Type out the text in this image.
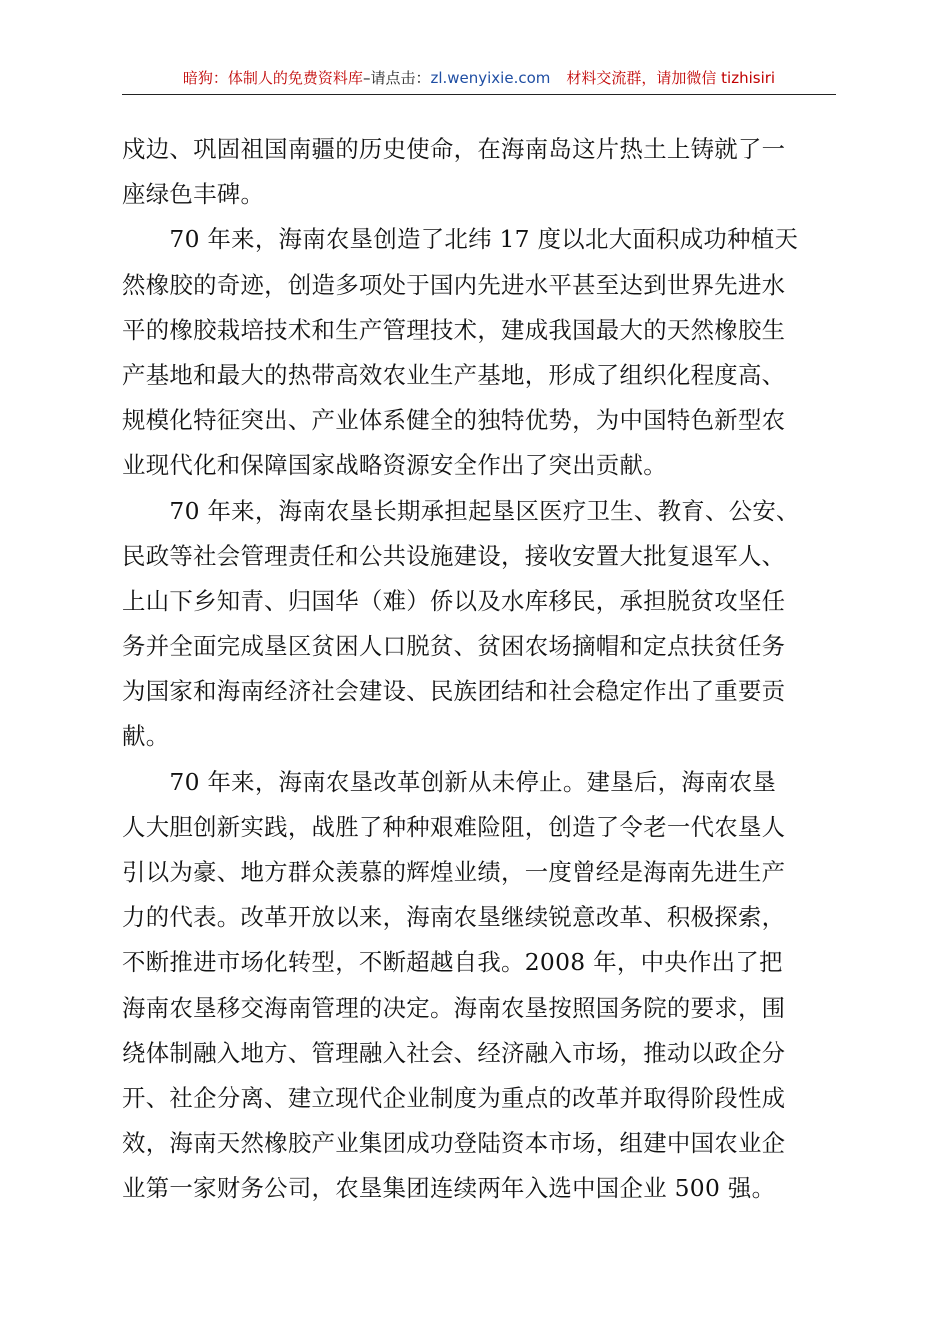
暗狗：体制人的免费资料库–请点击：zl.wenyixie.com 材料交流群，请加微信 tizhisiri
戍边、巩固祖国南疆的历史使命，在海南岛这片热土上铸就了一
座绿色丰碑。
　　70 年来，海南农垦创造了北纬 17 度以北大面积成功种植天
然橡胶的奇迹，创造多项处于国内先进水平甚至达到世界先进水
平的橡胶栽培技术和生产管理技术，建成我国最大的天然橡胶生
产基地和最大的热带高效农业生产基地，形成了组织化程度高、
规模化特征突出、产业体系健全的独特优势，为中国特色新型农
业现代化和保障国家战略资源安全作出了突出贡献。
　　70 年来，海南农垦长期承担起垦区医疗卫生、教育、公安、
民政等社会管理责任和公共设施建设，接收安置大批复退军人、
上山下乡知青、归国华（难）侨以及水库移民，承担脱贫攻坚任
务并全面完成垦区贫困人口脱贫、贫困农场摘帽和定点扶贫任务
为国家和海南经济社会建设、民族团结和社会稳定作出了重要贡
献。
　　70 年来，海南农垦改革创新从未停止。建垦后，海南农垦
人大胆创新实践，战胜了种种艰难险阻，创造了令老一代农垦人
引以为豪、地方群众羡慕的辉煌业绩，一度曾经是海南先进生产
力的代表。改革开放以来，海南农垦继续锐意改革、积极探索，
不断推进市场化转型，不断超越自我。2008 年，中央作出了把
海南农垦移交海南管理的决定。海南农垦按照国务院的要求，围
绕体制融入地方、管理融入社会、经济融入市场，推动以政企分
开、社企分离、建立现代企业制度为重点的改革并取得阶段性成
效，海南天然橡胶产业集团成功登陆资本市场，组建中国农业企
业第一家财务公司，农垦集团连续两年入选中国企业 500 强。
